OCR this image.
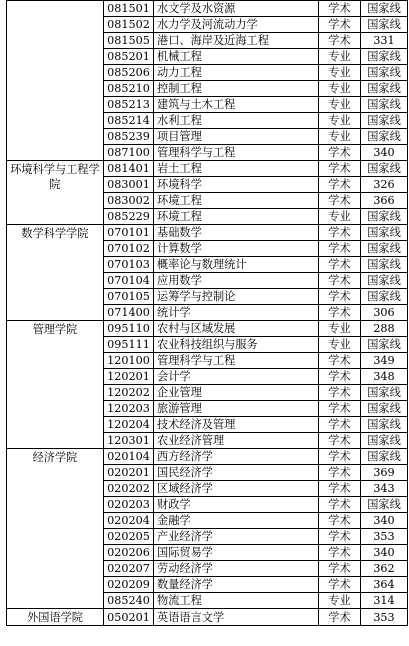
	081501	水文学及水资源	学术	国家线
	081502	水力学及河流动力学	学术	国家线
	081505	港口、海岸及近海工程	学术	331
	085201	机械工程	专业	国家线
	085206	动力工程	专业	国家线
	085210	控制工程	专业	国家线
	085213	建筑与土木工程	专业	国家线
	085214	水利工程	专业	国家线
	085239	项目管理	专业	国家线
	087100	管理科学与工程	学术	340
环境科学与工程学院	081401	岩土工程	学术	国家线
	083001	环境科学	学术	326
	083002	环境工程	学术	366
	085229	环境工程	专业	国家线
数学科学学院	070101	基础数学	学术	国家线
	070102	计算数学	学术	国家线
	070103	概率论与数理统计	学术	国家线
	070104	应用数学	学术	国家线
	070105	运筹学与控制论	学术	国家线
	071400	统计学	学术	306
管理学院	095110	农村与区域发展	专业	288
	095111	农业科技组织与服务	专业	国家线
	120100	管理科学与工程	学术	349
	120201	会计学	学术	348
	120202	企业管理	学术	国家线
	120203	旅游管理	学术	国家线
	120204	技术经济及管理	学术	国家线
	120301	农业经济管理	学术	国家线
经济学院	020104	西方经济学	学术	国家线
	020201	国民经济学	学术	369
	020202	区域经济学	学术	343
	020203	财政学	学术	国家线
	020204	金融学	学术	340
	020205	产业经济学	学术	353
	020206	国际贸易学	学术	340
	020207	劳动经济学	学术	362
	020209	数量经济学	学术	364
	085240	物流工程	专业	314
外国语学院	050201	英语语言文学	学术	353
